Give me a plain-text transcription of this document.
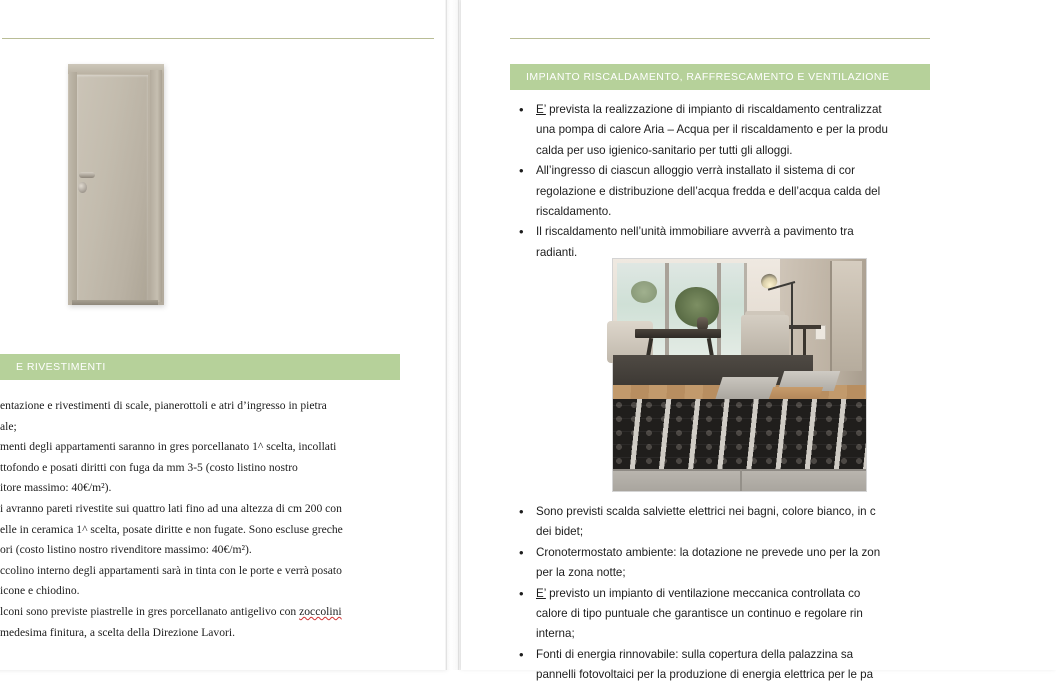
E RIVESTIMENTI
entazione e rivestimenti di scale, pianerottoli e atri d’ingresso in pietra
ale;
menti degli appartamenti saranno in gres porcellanato 1^ scelta, incollati
ttofondo e posati diritti con fuga da mm 3-5 (costo listino nostro
itore massimo: 40€/m²).
i avranno pareti rivestite sui quattro lati fino ad una altezza di cm 200 con
elle in ceramica 1^ scelta, posate diritte e non fugate. Sono escluse greche
ori (costo listino nostro rivenditore massimo: 40€/m²).
ccolino interno degli appartamenti sarà in tinta con le porte e verrà posato
icone e chiodino.
lconi sono previste piastrelle in gres porcellanato antigelivo con zoccolini
medesima finitura, a scelta della Direzione Lavori.
IMPIANTO RISCALDAMENTO, RAFFRESCAMENTO E VENTILAZIONE
•	E’ prevista la realizzazione di impianto di riscaldamento centralizzat
una pompa di calore Aria – Acqua per il riscaldamento e per la produ
calda per uso igienico-sanitario per tutti gli alloggi.
•	All’ingresso di ciascun alloggio verrà installato il sistema di cor
regolazione e distribuzione dell’acqua fredda e dell’acqua calda del
riscaldamento.
•	Il riscaldamento nell’unità immobiliare avverrà a pavimento tra
radianti.
•	Sono previsti scalda salviette elettrici nei bagni, colore bianco, in c
dei bidet;
•	Cronotermostato ambiente: la dotazione ne prevede uno per la zon
per la zona notte;
•	E’ previsto un impianto di ventilazione meccanica controllata co
calore di tipo puntuale che garantisce un continuo e regolare rin
interna;
•	Fonti di energia rinnovabile: sulla copertura della palazzina sa
pannelli fotovoltaici per la produzione di energia elettrica per le pa
